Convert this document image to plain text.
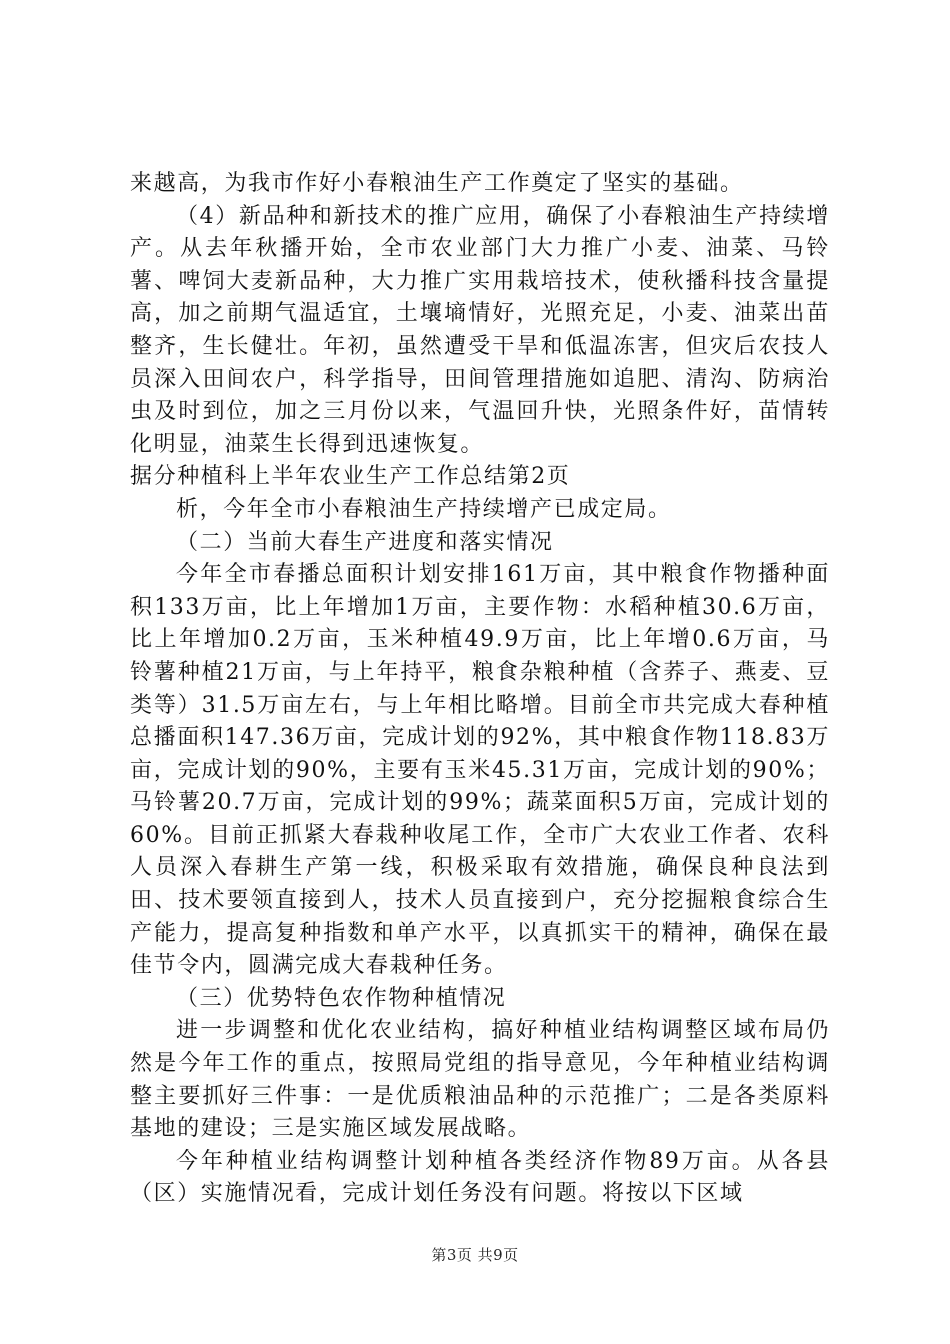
来越高，为我市作好小春粮油生产工作奠定了坚实的基础。

（4）新品种和新技术的推广应用，确保了小春粮油生产持续增产。从去年秋播开始，全市农业部门大力推广小麦、油菜、马铃薯、啤饲大麦新品种，大力推广实用栽培技术，使秋播科技含量提高，加之前期气温适宜，土壤墒情好，光照充足，小麦、油菜出苗整齐，生长健壮。年初，虽然遭受干旱和低温冻害，但灾后农技人员深入田间农户，科学指导，田间管理措施如追肥、清沟、防病治虫及时到位，加之三月份以来，气温回升快，光照条件好，苗情转化明显，油菜生长得到迅速恢复。

据分种植科上半年农业生产工作总结第2页

析，今年全市小春粮油生产持续增产已成定局。

（二）当前大春生产进度和落实情况

今年全市春播总面积计划安排161万亩，其中粮食作物播种面积133万亩，比上年增加1万亩，主要作物：水稻种植30.6万亩，比上年增加0.2万亩，玉米种植49.9万亩，比上年增0.6万亩，马铃薯种植21万亩，与上年持平，粮食杂粮种植（含荞子、燕麦、豆类等）31.5万亩左右，与上年相比略增。目前全市共完成大春种植总播面积147.36万亩，完成计划的92%，其中粮食作物118.83万亩，完成计划的90%，主要有玉米45.31万亩，完成计划的90%；马铃薯20.7万亩，完成计划的99%；蔬菜面积5万亩，完成计划的60%。目前正抓紧大春栽种收尾工作，全市广大农业工作者、农科人员深入春耕生产第一线，积极采取有效措施，确保良种良法到田、技术要领直接到人，技术人员直接到户，充分挖掘粮食综合生产能力，提高复种指数和单产水平，以真抓实干的精神，确保在最佳节令内，圆满完成大春栽种任务。

（三）优势特色农作物种植情况

进一步调整和优化农业结构，搞好种植业结构调整区域布局仍然是今年工作的重点，按照局党组的指导意见，今年种植业结构调整主要抓好三件事：一是优质粮油品种的示范推广；二是各类原料基地的建设；三是实施区域发展战略。

今年种植业结构调整计划种植各类经济作物89万亩。从各县（区）实施情况看，完成计划任务没有问题。将按以下区域

第3页 共9页
